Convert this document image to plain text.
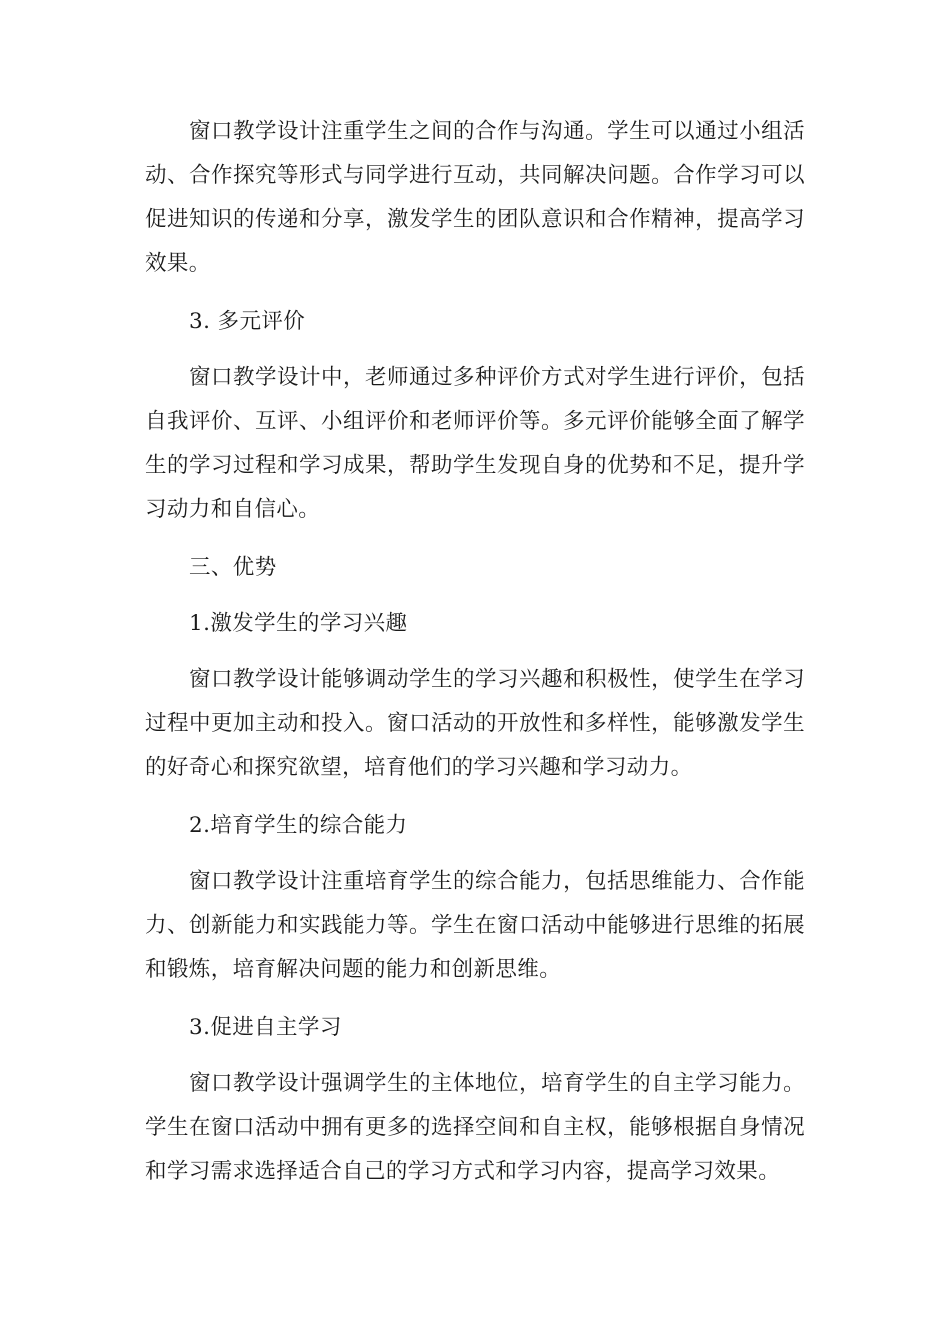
窗口教学设计注重学生之间的合作与沟通。学生可以通过小组活动、合作探究等形式与同学进行互动，共同解决问题。合作学习可以促进知识的传递和分享，激发学生的团队意识和合作精神，提高学习效果。

3. 多元评价

窗口教学设计中，老师通过多种评价方式对学生进行评价，包括自我评价、互评、小组评价和老师评价等。多元评价能够全面了解学生的学习过程和学习成果，帮助学生发现自身的优势和不足，提升学习动力和自信心。

三、优势

1.激发学生的学习兴趣

窗口教学设计能够调动学生的学习兴趣和积极性，使学生在学习过程中更加主动和投入。窗口活动的开放性和多样性，能够激发学生的好奇心和探究欲望，培育他们的学习兴趣和学习动力。

2.培育学生的综合能力

窗口教学设计注重培育学生的综合能力，包括思维能力、合作能力、创新能力和实践能力等。学生在窗口活动中能够进行思维的拓展和锻炼，培育解决问题的能力和创新思维。

3.促进自主学习

窗口教学设计强调学生的主体地位，培育学生的自主学习能力。学生在窗口活动中拥有更多的选择空间和自主权，能够根据自身情况和学习需求选择适合自己的学习方式和学习内容，提高学习效果。
